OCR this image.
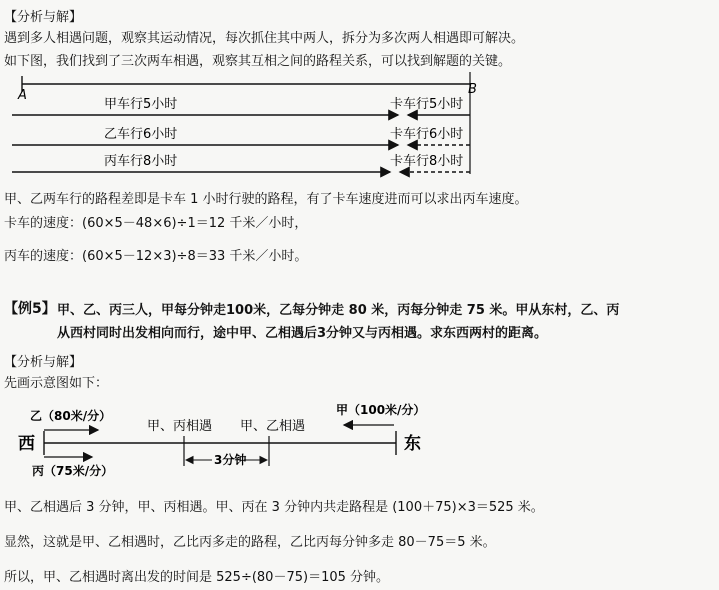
【分析与解】
遇到多人相遇问题，观察其运动情况，每次抓住其中两人，拆分为多次两人相遇即可解决。
如下图，我们找到了三次两车相遇，观察其互相之间的路程关系，可以找到解题的关键。
A	B
甲车行5小时	卡车行5小时
乙车行6小时	卡车行6小时
丙车行8小时	卡车行8小时
西	东
乙（80米/分）
丙（75米/分）
甲（100米/分）
甲、丙相遇 甲、乙相遇
3分钟
甲、乙两车行的路程差即是卡车 1 小时行驶的路程，有了卡车速度进而可以求出丙车速度。
卡车的速度：(60×5－48×6)÷1＝12 千米／小时，
丙车的速度：(60×5－12×3)÷8＝33 千米／小时。
【例5】 甲、乙、丙三人，甲每分钟走100米，乙每分钟走 80 米，丙每分钟走 75 米。甲从东村，乙、丙
从西村同时出发相向而行，途中甲、乙相遇后3分钟又与丙相遇。求东西两村的距离。
【分析与解】
先画示意图如下：
甲、乙相遇后 3 分钟，甲、丙相遇。甲、丙在 3 分钟内共走路程是 (100＋75)×3＝525 米。
显然，这就是甲、乙相遇时，乙比丙多走的路程，乙比丙每分钟多走 80－75＝5 米。
所以，甲、乙相遇时离出发的时间是 525÷(80－75)＝105 分钟。
